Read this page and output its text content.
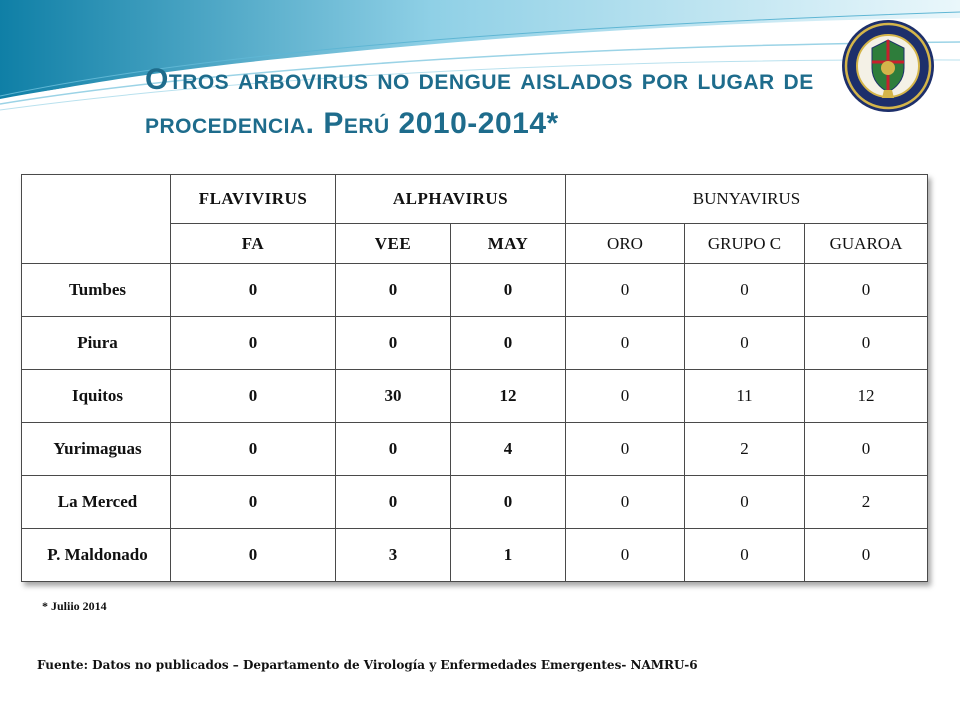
Otros arbovirus no dengue aislados por lugar de
procedencia. Perú 2010-2014*
	FLAVIVIRUS	ALPHAVIRUS		BUNYAVIRUS		
	FA	VEE	MAY	ORO	GRUPO C	GUAROA
Tumbes	0	0	0	0	0	0
Piura	0	0	0	0	0	0
Iquitos	0	30	12	0	11	12
Yurimaguas	0	0	4	0	2	0
La Merced	0	0	0	0	0	2
P. Maldonado	0	3	1	0	0	0
* Juliio 2014
Fuente: Datos no publicados – Departamento de Virología y Enfermedades Emergentes- NAMRU-6
